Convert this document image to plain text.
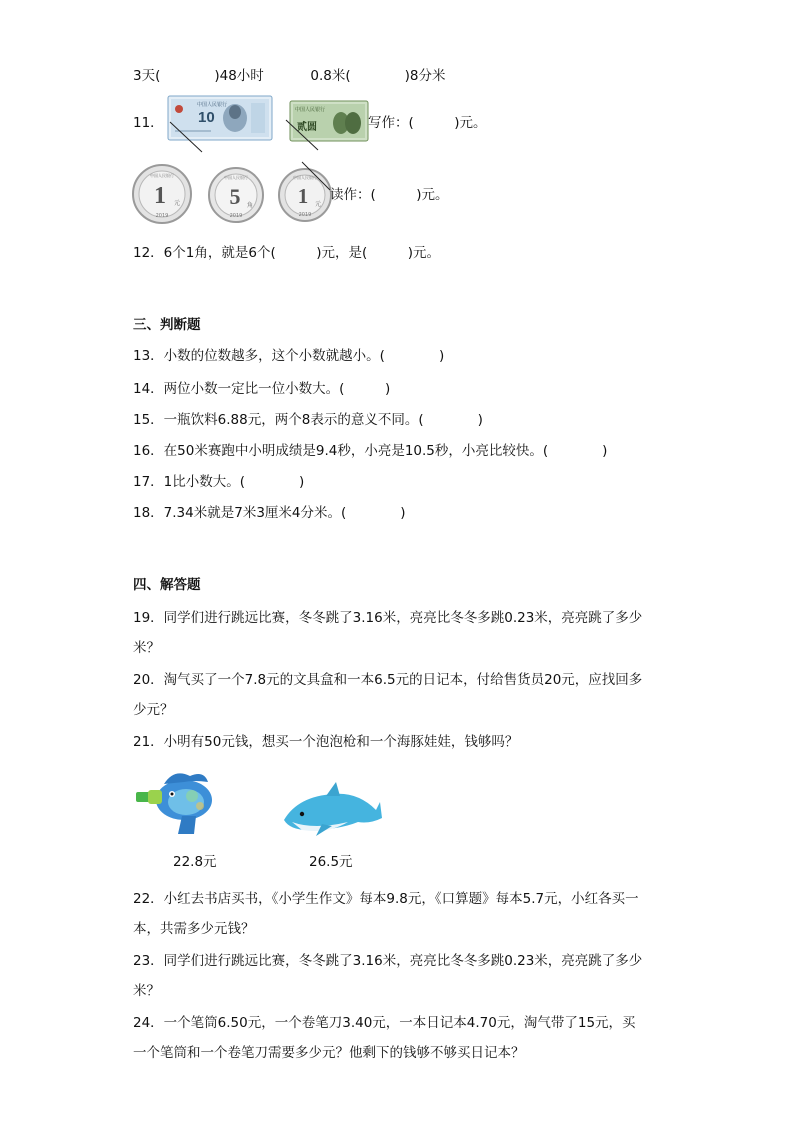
3天(　　　　)48小时	0.8米(　　　　)8分米
11．
中国人民银行
10	中国人民银行
贰圆	写作：(　　　)元。
中国人民银行
1 元
2019
中国人民银行
5 角
2019
中国人民银行
1 元
2019
读作：(　　　)元。
12．6个1角，就是6个(　　　)元，是(　　　)元。
三、判断题
13．小数的位数越多，这个小数就越小。(　　　　)
14．两位小数一定比一位小数大。(　　　)
15．一瓶饮料6.88元，两个8表示的意义不同。(　　　　)
16．在50米赛跑中小明成绩是9.4秒，小亮是10.5秒，小亮比较快。(　　　　)
17．1比小数大。(　　　　)
18．7.34米就是7米3厘米4分米。(　　　　)
四、解答题
19．同学们进行跳远比赛，冬冬跳了3.16米，亮亮比冬冬多跳0.23米，亮亮跳了多少
米？
20．淘气买了一个7.8元的文具盒和一本6.5元的日记本，付给售货员20元，应找回多
少元？
21．小明有50元钱，想买一个泡泡枪和一个海豚娃娃，钱够吗？
22.8元	26.5元
22．小红去书店买书，《小学生作文》每本9.8元，《口算题》每本5.7元，小红各买一
本，共需多少元钱？
23．同学们进行跳远比赛，冬冬跳了3.16米，亮亮比冬冬多跳0.23米，亮亮跳了多少
米？
24．一个笔筒6.50元，一个卷笔刀3.40元，一本日记本4.70元，淘气带了15元，买
一个笔筒和一个卷笔刀需要多少元？他剩下的钱够不够买日记本？
